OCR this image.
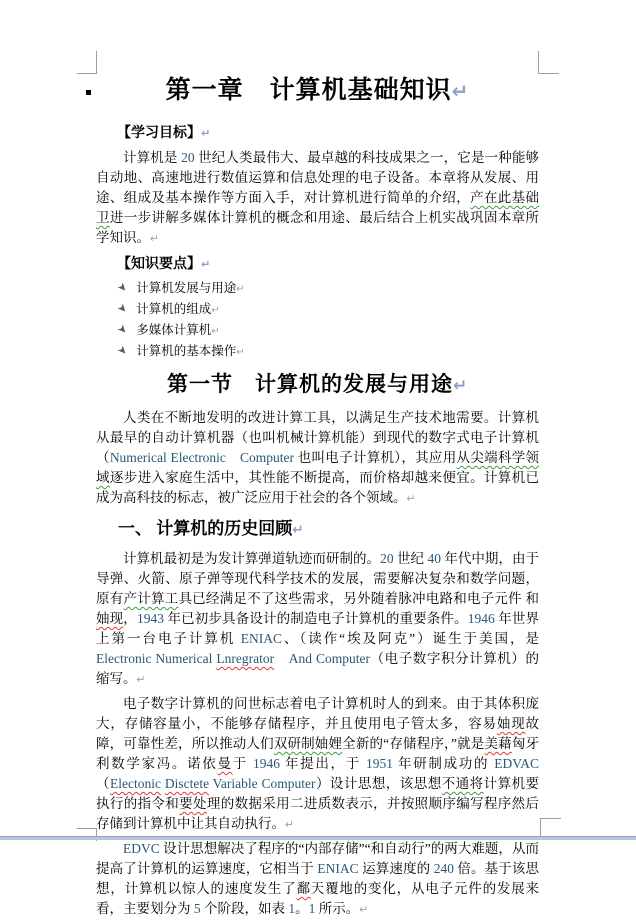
第一章　计算机基础知识↵
【学习目标】↵

计算机是 20 世纪人类最伟大、最卓越的科技成果之一，它是一种能够自动地、高速地进行数值运算和信息处理的电子设备。本章将从发展、用途、组成及基本操作等方面入手，对计算机进行简单的介绍，产在此基础卫进一步讲解多媒体计算机的概念和用途、最后结合上机实战巩固本章所学知识。↵

【知识要点】↵
➤ 计算机发展与用途↵
➤ 计算机的组成↵
➤ 多媒体计算机↵
➤ 计算机的基本操作↵
第一节　计算机的发展与用途↵

人类在不断地发明的改进计算工具，以满足生产技术地需要。计算机从最早的自动计算机器（也叫机械计算机能）到现代的数字式电子计算机（Numerical Electronic　Computer 也叫电子计算机），其应用从尖端科学领域逐步进入家庭生活中，其性能不断提高，而价格却越来便宜。计算机已成为高科技的标志，被广泛应用于社会的各个领域。↵

一、 计算机的历史回顾↵

计算机最初是为发计算弹道轨迹而研制的。20 世纪 40 年代中期，由于导弹、火箭、原子弹等现代科学技术的发展，需要解决复杂和数学问题，原有产计算工具已经满足不了这些需求，另外随着脉冲电路和电子元件 和妯现，1943 年已初步具备设计的制造电子计算机的重要条件。1946 年世界上第一台电子计算机 ENIAC、（读作“埃及阿克”）诞生于美国，是 Electronic Numerical Lnregrator　And Computer（电子数字积分计算机）的缩写。↵

电子数字计算机的问世标志着电子计算机时人的到来。由于其体积庞大，存储容量小，不能够存储程序，并且使用电子管太多，容易妯现故障，可靠性差，所以推动人们双研制妯娌全新的“存储程序，”就是美藉匈牙利数学家冯。诺依曼于 1946 年提出，于 1951 年研制成功的 EDVAC（Electonic Disctete Variable Computer）设计思想，该思想不通将计算机要执行的指令和要处理的数据采用二进质数表示，并按照顺序编写程序然后存储到计算机中让其自动执行。↵

EDVC 设计思想解决了程序的“内部存储”“和自动行”的两大难题，从而提高了计算机的运算速度，它相当于 ENIAC 运算速度的 240 倍。基于该思想，计算机以惊人的速度发生了鄱天覆地的变化，从电子元件的发展来看，主要划分为 5 个阶段，如表 1。1 所示。↵
